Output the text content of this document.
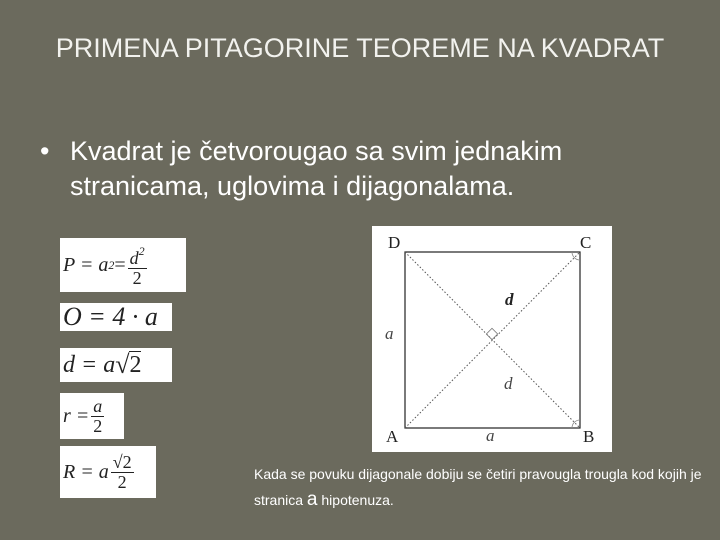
PRIMENA PITAGORINE TEOREME NA KVADRAT
• Kvadrat je četvorougao sa svim jednakim stranicama, uglovima i dijagonalama.
P = a $2 = \frac{d^2}{2}$
O = 4 · a
d = a √ 2
$r = \frac{a}{2}$
R = a $\frac{√2}{2}$
D	C
A	B
a
a
d
d
Kada se povuku dijagonale dobiju se četiri pravougla trougla kod kojih je stranica a hipotenuza.
